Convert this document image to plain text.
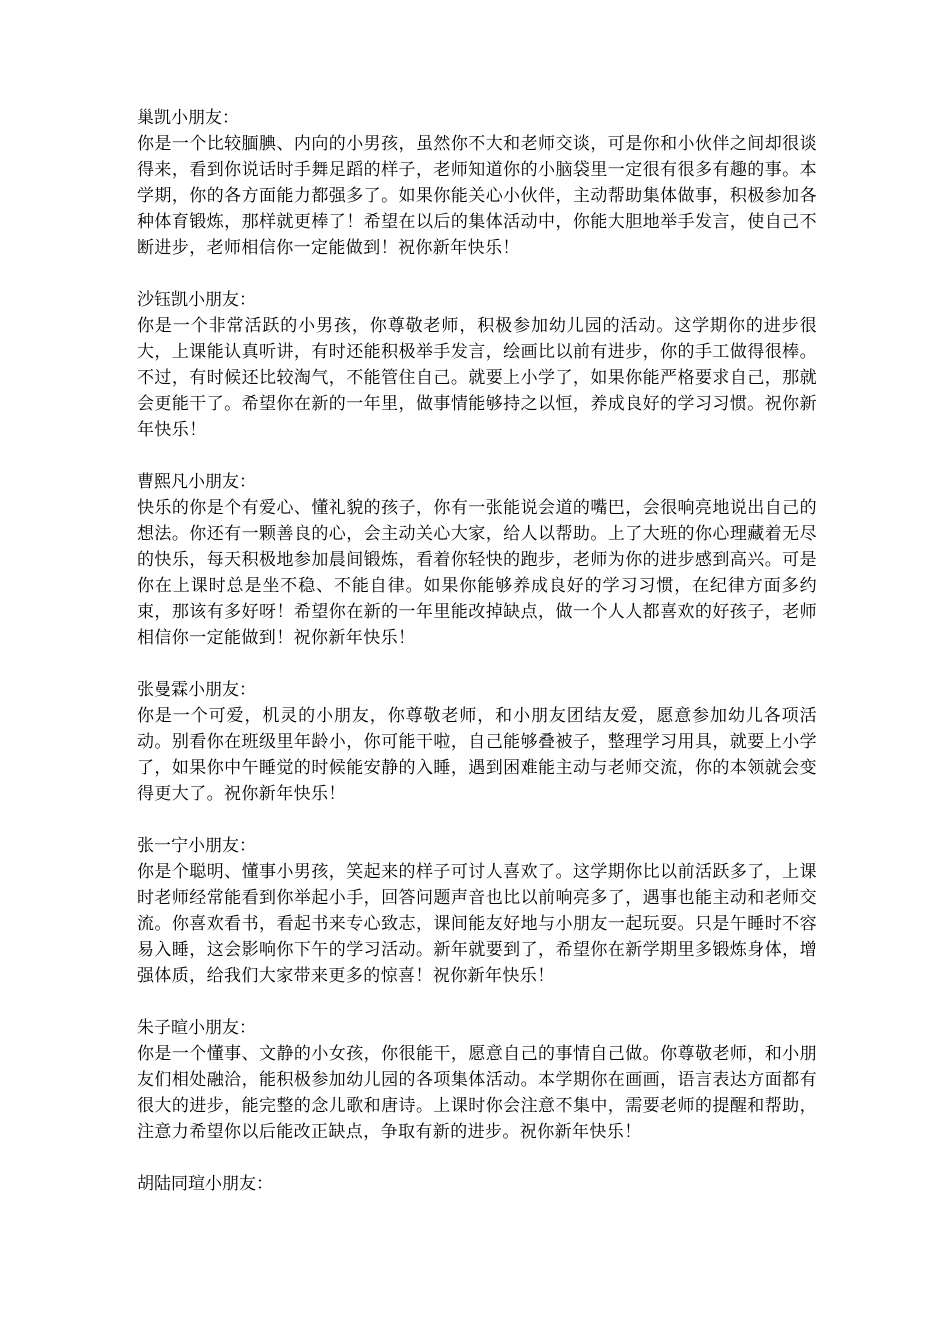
巢凯小朋友：

你是一个比较腼腆、内向的小男孩，虽然你不大和老师交谈，可是你和小伙伴之间却很谈得来，看到你说话时手舞足蹈的样子，老师知道你的小脑袋里一定很有很多有趣的事。本学期，你的各方面能力都强多了。如果你能关心小伙伴，主动帮助集体做事，积极参加各种体育锻炼，那样就更棒了！希望在以后的集体活动中，你能大胆地举手发言，使自己不断进步，老师相信你一定能做到！祝你新年快乐！

沙钰凯小朋友：

你是一个非常活跃的小男孩，你尊敬老师，积极参加幼儿园的活动。这学期你的进步很大，上课能认真听讲，有时还能积极举手发言，绘画比以前有进步，你的手工做得很棒。不过，有时候还比较淘气，不能管住自己。就要上小学了，如果你能严格要求自己，那就会更能干了。希望你在新的一年里，做事情能够持之以恒，养成良好的学习习惯。祝你新年快乐！

曹熙凡小朋友：

快乐的你是个有爱心、懂礼貌的孩子，你有一张能说会道的嘴巴，会很响亮地说出自己的想法。你还有一颗善良的心，会主动关心大家，给人以帮助。上了大班的你心理藏着无尽的快乐，每天积极地参加晨间锻炼，看着你轻快的跑步，老师为你的进步感到高兴。可是你在上课时总是坐不稳、不能自律。如果你能够养成良好的学习习惯，在纪律方面多约束，那该有多好呀！希望你在新的一年里能改掉缺点，做一个人人都喜欢的好孩子，老师相信你一定能做到！祝你新年快乐！

张曼霖小朋友：

你是一个可爱，机灵的小朋友，你尊敬老师，和小朋友团结友爱，愿意参加幼儿各项活动。别看你在班级里年龄小，你可能干啦，自己能够叠被子，整理学习用具，就要上小学了，如果你中午睡觉的时候能安静的入睡，遇到困难能主动与老师交流，你的本领就会变得更大了。祝你新年快乐！

张一宁小朋友：

你是个聪明、懂事小男孩，笑起来的样子可讨人喜欢了。这学期你比以前活跃多了，上课时老师经常能看到你举起小手，回答问题声音也比以前响亮多了，遇事也能主动和老师交流。你喜欢看书，看起书来专心致志，课间能友好地与小朋友一起玩耍。只是午睡时不容易入睡，这会影响你下午的学习活动。新年就要到了，希望你在新学期里多锻炼身体，增强体质，给我们大家带来更多的惊喜！祝你新年快乐！

朱子暄小朋友：

你是一个懂事、文静的小女孩，你很能干，愿意自己的事情自己做。你尊敬老师，和小朋友们相处融洽，能积极参加幼儿园的各项集体活动。本学期你在画画，语言表达方面都有很大的进步，能完整的念儿歌和唐诗。上课时你会注意不集中，需要老师的提醒和帮助，注意力希望你以后能改正缺点，争取有新的进步。祝你新年快乐！

胡陆同瑄小朋友：
